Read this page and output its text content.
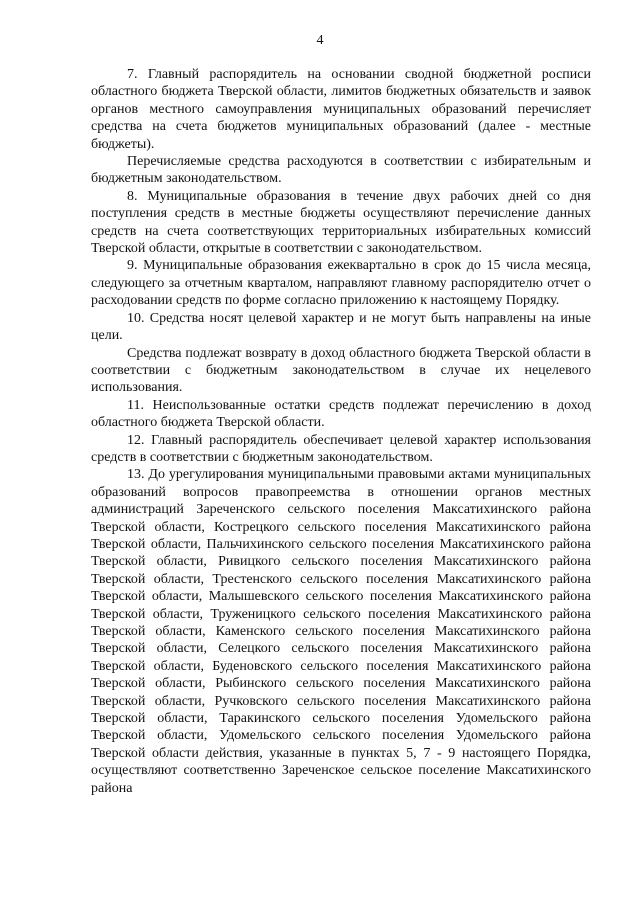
4

7. Главный распорядитель на основании сводной бюджетной росписи областного бюджета Тверской области, лимитов бюджетных обязательств и заявок органов местного самоуправления муниципальных образований перечисляет средства на счета бюджетов муниципальных образований (далее - местные бюджеты).

Перечисляемые средства расходуются в соответствии с избирательным и бюджетным законодательством.

8. Муниципальные образования в течение двух рабочих дней со дня поступления средств в местные бюджеты осуществляют перечисление данных средств на счета соответствующих территориальных избирательных комиссий Тверской области, открытые в соответствии с законодательством.

9. Муниципальные образования ежеквартально в срок до 15 числа месяца, следующего за отчетным кварталом, направляют главному распорядителю отчет о расходовании средств по форме согласно приложению к настоящему Порядку.

10. Средства носят целевой характер и не могут быть направлены на иные цели.

Средства подлежат возврату в доход областного бюджета Тверской области в соответствии с бюджетным законодательством в случае их нецелевого использования.

11. Неиспользованные остатки средств подлежат перечислению в доход областного бюджета Тверской области.

12. Главный распорядитель обеспечивает целевой характер использования средств в соответствии с бюджетным законодательством.

13. До урегулирования муниципальными правовыми актами муниципальных образований вопросов правопреемства в отношении органов местных администраций Зареченского сельского поселения Максатихинского района Тверской области, Кострецкого сельского поселения Максатихинского района Тверской области, Пальчихинского сельского поселения Максатихинского района Тверской области, Ривицкого сельского поселения Максатихинского района Тверской области, Трестенского сельского поселения Максатихинского района Тверской области, Малышевского сельского поселения Максатихинского района Тверской области, Труженицкого сельского поселения Максатихинского района Тверской области, Каменского сельского поселения Максатихинского района Тверской области, Селецкого сельского поселения Максатихинского района Тверской области, Буденовского сельского поселения Максатихинского района Тверской области, Рыбинского сельского поселения Максатихинского района Тверской области, Ручковского сельского поселения Максатихинского района Тверской области, Таракинского сельского поселения Удомельского района Тверской области, Удомельского сельского поселения Удомельского района Тверской области действия, указанные в пунктах 5, 7 - 9 настоящего Порядка, осуществляют соответственно Зареченское сельское поселение Максатихинского района
